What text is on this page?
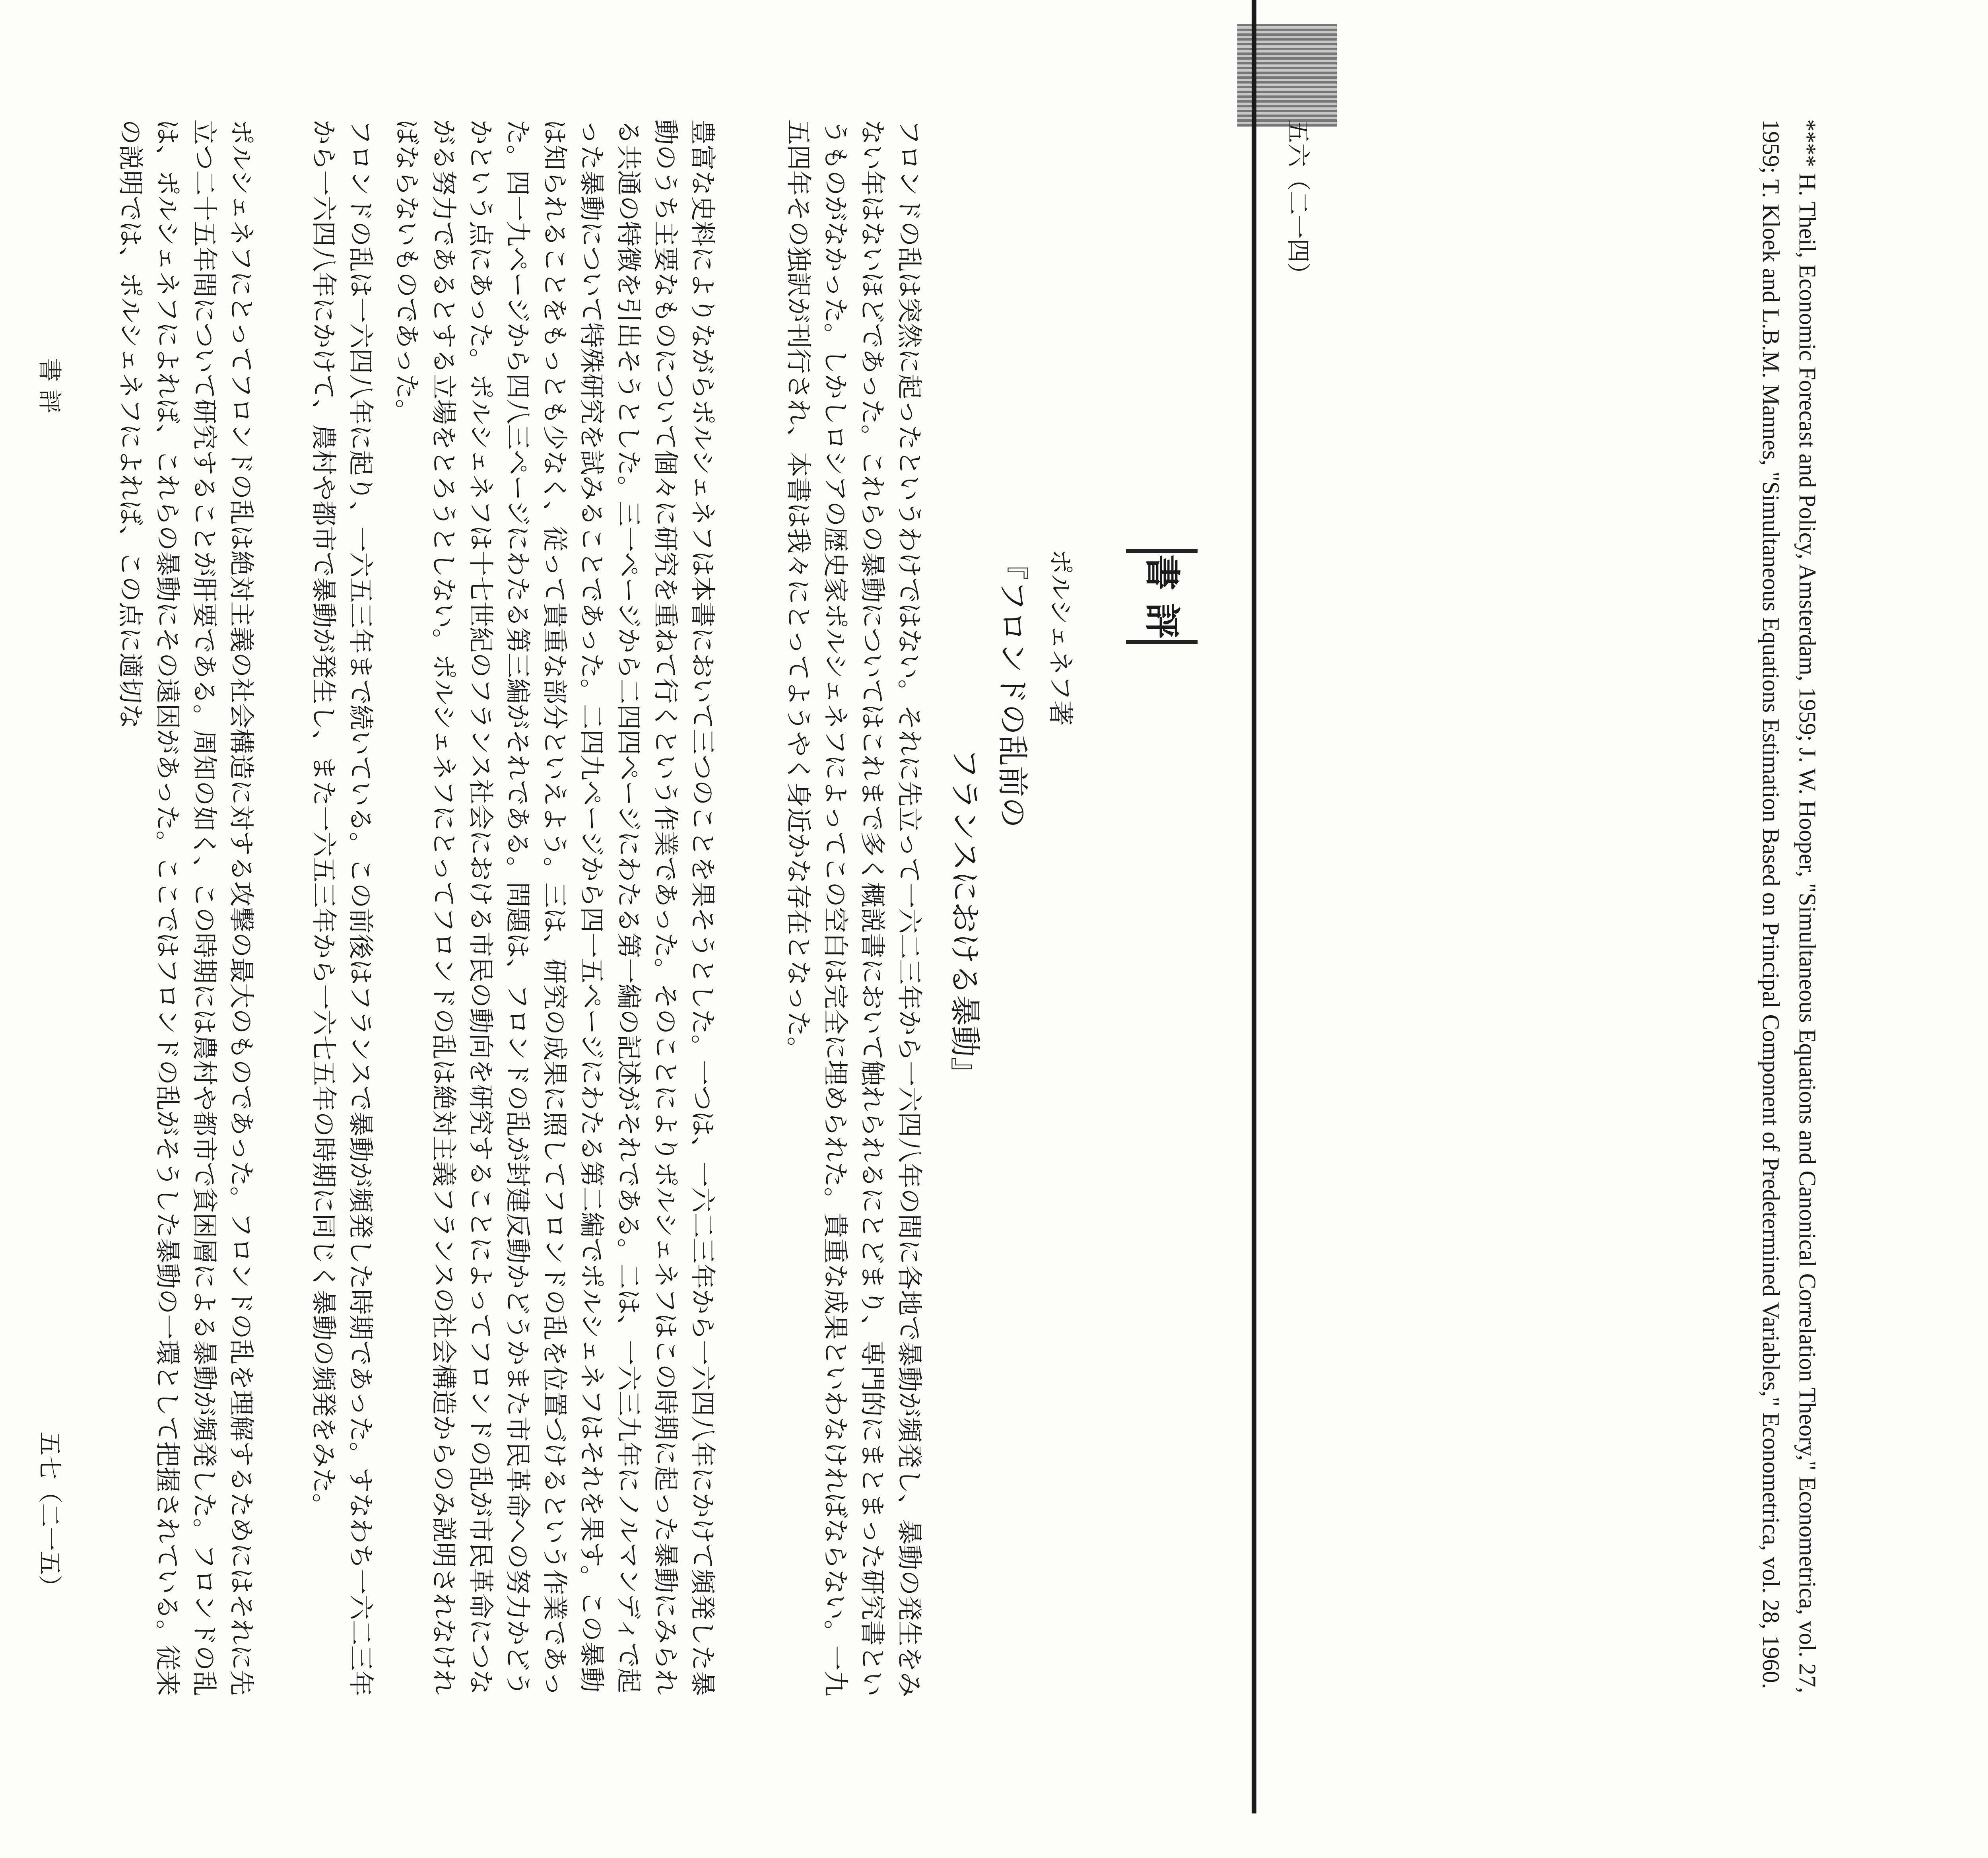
**** H. Theil, Economic Forecast and Policy, Amsterdam, 1959; J. W. Hooper, "Simultaneous Equations and Canonical Correlation Theory," Econometrica, vol. 27, 1959; T. Kloek and L.B.M. Mannes, "Simultaneous Equations Estimation Based on Principal Component of Predetermined Variables," Econometrica, vol. 28, 1960.
五六（二一四）
書 評
ポルシェネフ著
『フロンドの乱前の
フランスにおける暴動』
フロンドの乱は突然に起ったというわけではない。それに先立って一六二三年から一六四八年の間に各地で暴動が頻発し、暴動の発生をみない年はないほどであった。これらの暴動についてはこれまで多く概説書において触れられるにとどまり、専門的にまとまった研究書というものがなかった。しかしロシアの歴史家ポルシェネフによってこの空白は完全に埋められた。貴重な成果といわなければならない。一九五四年その独訳が刊行され、本書は我々にとってようやく身近かな存在となった。
豊富な史料によりながらポルシェネフは本書において三つのことを果そうとした。一つは、一六二三年から一六四八年にかけて頻発した暴動のうち主要なものについて個々に研究を重ねて行くという作業であった。そのことによりポルシェネフはこの時期に起った暴動にみられる共通の特徴を引出そうとした。三一ページから二四四ページにわたる第一編の記述がそれである。二は、一六三九年にノルマンディで起った暴動について特殊研究を試みることであった。二四九ページから四一五ページにわたる第二編でポルシェネフはそれを果す。この暴動は知られることをもっとも少なく、従って貴重な部分といえよう。三は、研究の成果に照してフロンドの乱を位置づけるという作業であった。四一九ページから四八三ページにわたる第三編がそれである。問題は、フロンドの乱が封建反動かどうかまた市民革命への努力かどうかという点にあった。ポルシェネフは十七世紀のフランス社会における市民の動向を研究することによってフロンドの乱が市民革命につながる努力であるとする立場をとろうとしない。ポルシェネフにとってフロンドの乱は絶対主義フランスの社会構造からのみ説明されなければならないものであった。
フロンドの乱は一六四八年に起り、一六五三年まで続いている。この前後はフランスで暴動が頻発した時期であった。すなわち一六二三年から一六四八年にかけて、農村や都市で暴動が発生し、また一六五三年から一六七五年の時期に同じく暴動の頻発をみた。
ポルシェネフにとってフロンドの乱は絶対主義の社会構造に対する攻撃の最大のものであった。フロンドの乱を理解するためにはそれに先立つ二十五年間について研究することが肝要である。周知の如く、この時期には農村や都市で貧困層による暴動が頻発した。フロンドの乱は、ポルシェネフによれば、これらの暴動にその遠因があった。ここではフロンドの乱がそうした暴動の一環として把握されている。従来の説明では、ポルシェネフによれば、この点に適切な
書 評
五七（二一五）
